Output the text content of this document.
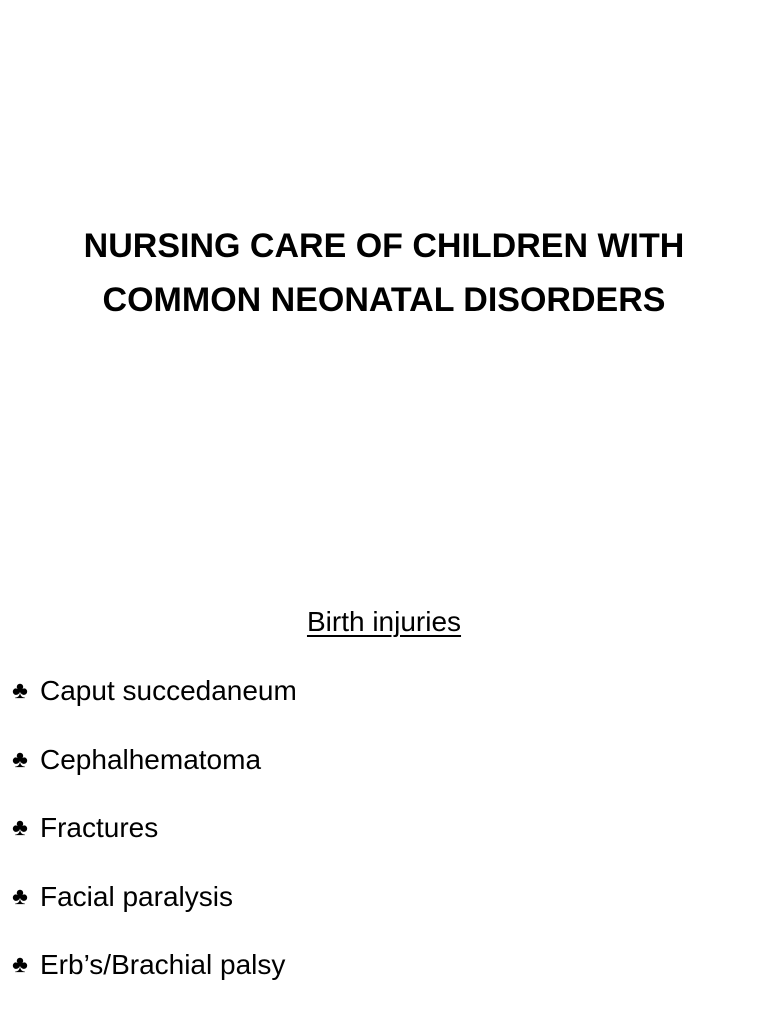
NURSING CARE OF CHILDREN WITH
COMMON NEONATAL DISORDERS
Birth injuries
♣ Caput succedaneum
♣ Cephalhematoma
♣ Fractures
♣ Facial paralysis
♣ Erb’s/Brachial palsy
